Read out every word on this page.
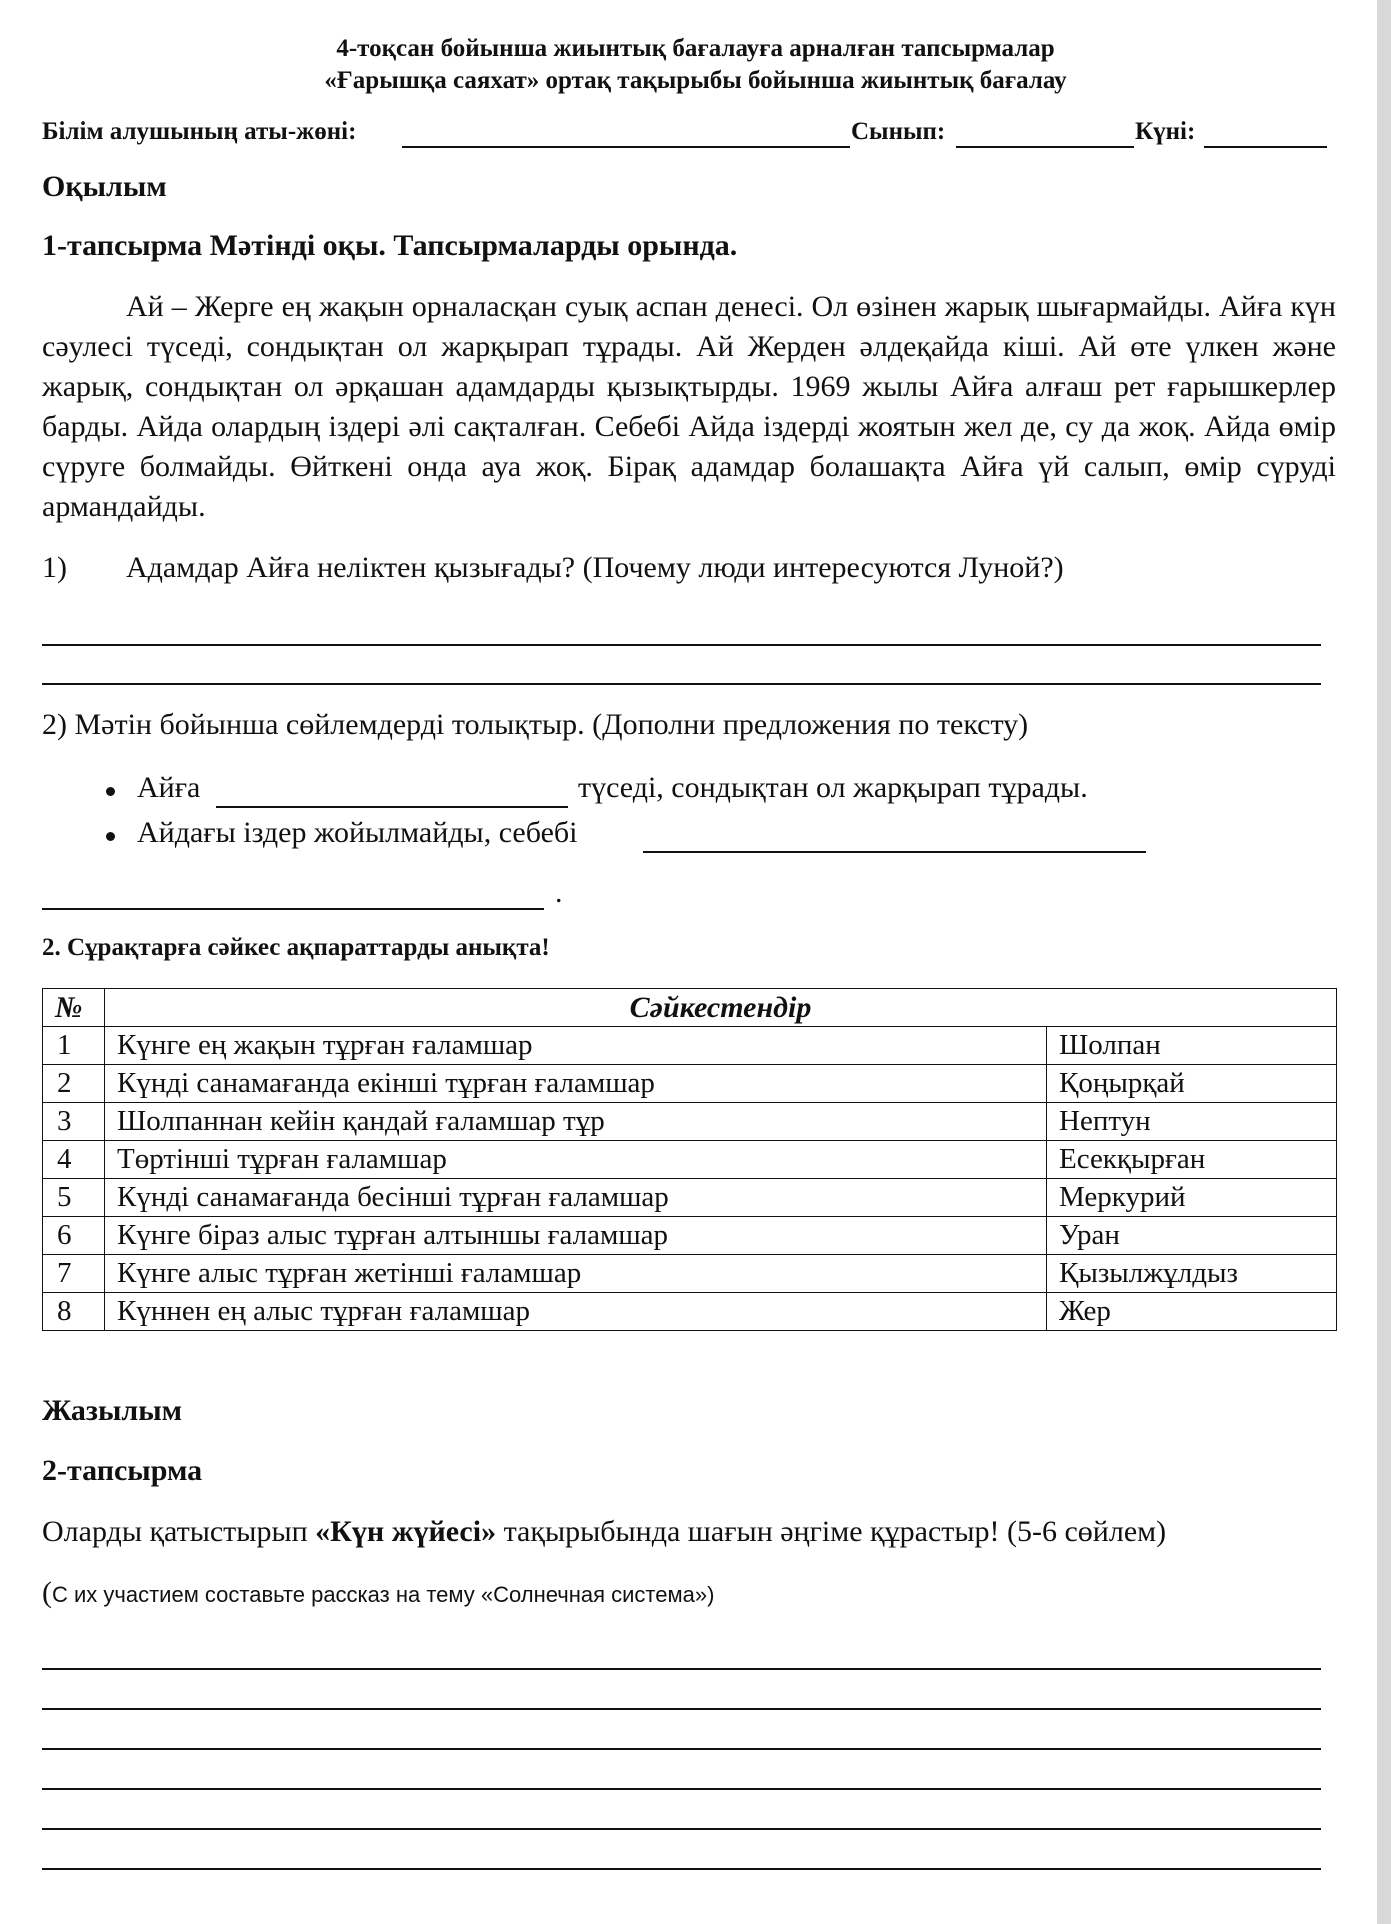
4-тоқсан бойынша жиынтық бағалауға арналған тапсырмалар
«Ғарышқа саяхат» ортақ тақырыбы бойынша жиынтық бағалау
Білім алушының аты-жөні:	Сынып:	Күні:
Оқылым
1-тапсырма Мәтінді оқы. Тапсырмаларды орында.
Ай – Жерге ең жақын орналасқан суық аспан денесі. Ол өзінен жарық шығармайды. Айға күн сәулесі түседі, сондықтан ол жарқырап тұрады. Ай Жерден әлдеқайда кіші. Ай өте үлкен және жарық, сондықтан ол әрқашан адамдарды қызықтырды. 1969 жылы Айға алғаш рет ғарышкерлер барды. Айда олардың іздері әлі сақталған. Себебі Айда іздерді жоятын жел де, су да жоқ. Айда өмір сүруге болмайды. Өйткені онда ауа жоқ. Бірақ адамдар болашақта Айға үй салып, өмір сүруді армандайды.
1) Адамдар Айға неліктен қызығады? (Почему люди интересуются Луной?)
2) Мәтін бойынша сөйлемдерді толықтыр. (Дополни предложения по тексту)
Айға	түседі, сондықтан ол жарқырап тұрады.
Айдағы іздер жойылмайды, себебі
.
2. Сұрақтарға сәйкес ақпараттарды анықта!
№	Сәйкестендір	
1	Күнге ең жақын тұрған ғаламшар	Шолпан
2	Күнді санамағанда екінші тұрған ғаламшар	Қоңырқай
3	Шолпаннан кейін қандай ғаламшар тұр	Нептун
4	Төртінші тұрған ғаламшар	Есекқырған
5	Күнді санамағанда бесінші тұрған ғаламшар	Меркурий
6	Күнге біраз алыс тұрған алтыншы ғаламшар	Уран
7	Күнге алыс тұрған жетінші ғаламшар	Қызылжұлдыз
8	Күннен ең алыс тұрған ғаламшар	Жер
Жазылым
2-тапсырма
Оларды қатыстырып «Күн жүйесі» тақырыбында шағын әңгіме құрастыр! (5-6 сөйлем)
(С их участием составьте рассказ на тему «Солнечная система»)
